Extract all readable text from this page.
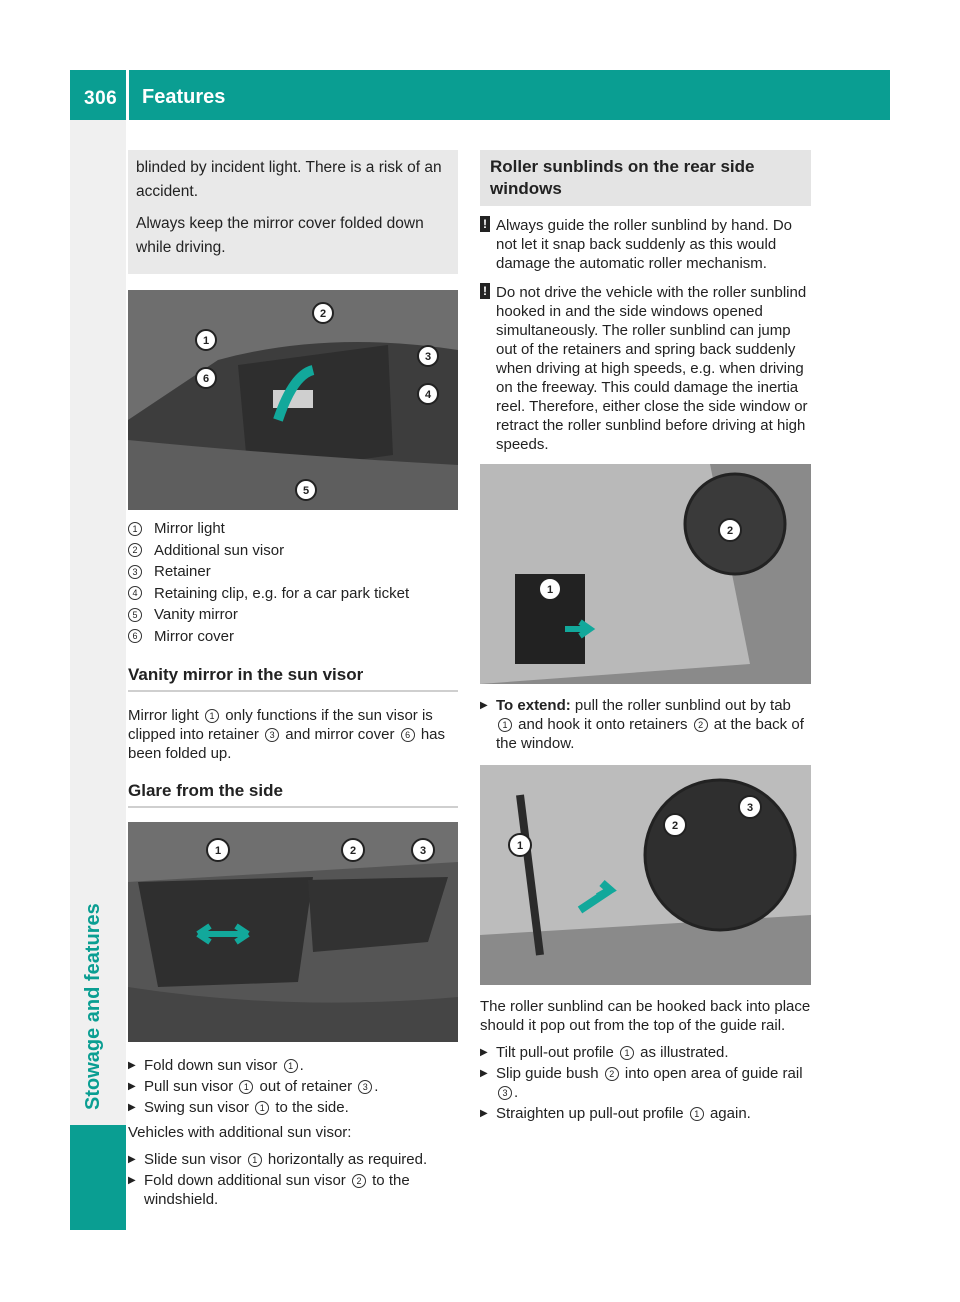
306 Features
Stowage and features

blinded by incident light. There is a risk of an accident.

Always keep the mirror cover folded down while driving.

1
2
3
4
5
6
1	Mirror light
2	Additional sun visor
3	Retainer
4	Retaining clip, e.g. for a car park ticket
5	Vanity mirror
6	Mirror cover
Vanity mirror in the sun visor

Mirror light 1 only functions if the sun visor is clipped into retainer 3 and mirror cover 6 has been folded up.

Glare from the side
1	2	3
▶ Fold down sun visor 1 .
▶ Pull sun visor 1 out of retainer 3 .
▶ Swing sun visor 1 to the side.

Vehicles with additional sun visor:

▶ Slide sun visor 1 horizontally as required.
▶ Fold down additional sun visor 2 to the windshield.
Roller sunblinds on the rear side windows
! Always guide the roller sunblind by hand. Do not let it snap back suddenly as this would damage the automatic roller mechanism.
! Do not drive the vehicle with the roller sunblind hooked in and the side windows opened simultaneously. The roller sunblind can jump out of the retainers and spring back suddenly when driving at high speeds, e.g. when driving on the freeway. This could damage the inertia reel. Therefore, either close the side window or retract the roller sunblind before driving at high speeds.
1
2
▶ To extend: pull the roller sunblind out by tab 1 and hook it onto retainers 2 at the back of the window.
1
2
3

The roller sunblind can be hooked back into place should it pop out from the top of the guide rail.

▶ Tilt pull-out profile 1 as illustrated.
▶ Slip guide bush 2 into open area of guide rail 3 .
▶ Straighten up pull-out profile 1 again.
